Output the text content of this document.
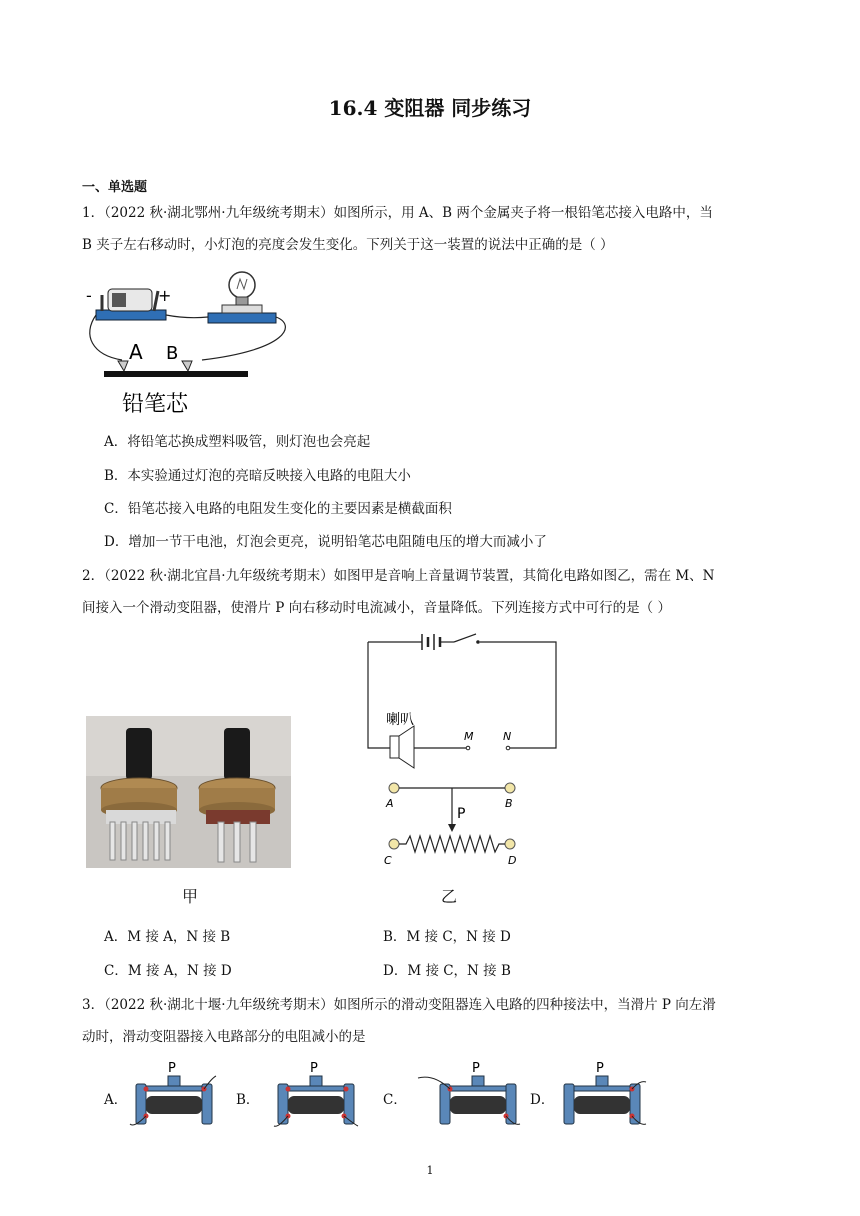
16.4 变阻器 同步练习
一、单选题
1．（2022 秋·湖北鄂州·九年级统考期末）如图所示，用 A、B 两个金属夹子将一根铅笔芯接入电路中，当
B 夹子左右移动时，小灯泡的亮度会发生变化。下列关于这一装置的说法中正确的是（ ）
-	+
A B
铅笔芯
A．将铅笔芯换成塑料吸管，则灯泡也会亮起
B．本实验通过灯泡的亮暗反映接入电路的电阻大小
C．铅笔芯接入电路的电阻发生变化的主要因素是横截面积
D．增加一节干电池，灯泡会更亮，说明铅笔芯电阻随电压的增大而减小了
2．（2022 秋·湖北宜昌·九年级统考期末）如图甲是音响上音量调节装置，其简化电路如图乙，需在 M、N
间接入一个滑动变阻器，使滑片 P 向右移动时电流减小，音量降低。下列连接方式中可行的是（ ）
喇叭
M	N
A	B
P
C	D
甲	乙
A．M 接 A，N 接 B	B．M 接 C，N 接 D
C．M 接 A，N 接 D	D．M 接 C，N 接 B
3．（2022 秋·湖北十堰·九年级统考期末）如图所示的滑动变阻器连入电路的四种接法中，当滑片 P 向左滑
动时，滑动变阻器接入电路部分的电阻减小的是
A．	B．	C．	D．
P	P	P	P
1
